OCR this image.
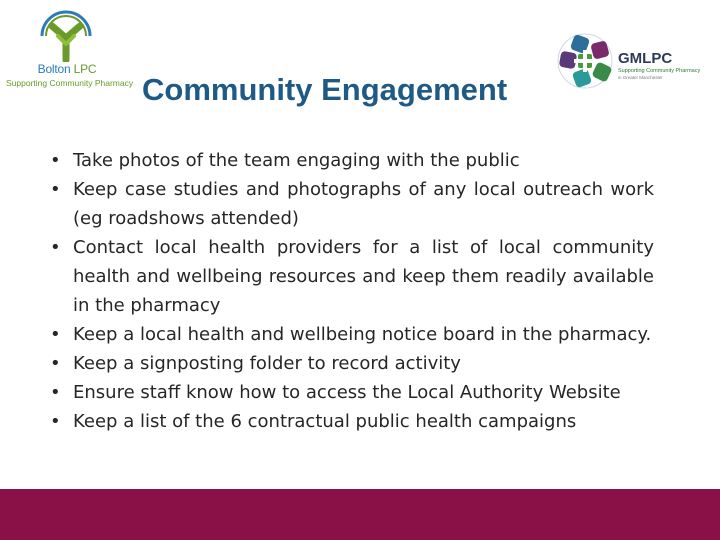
Bolton LPC
Supporting Community Pharmacy Community Engagement
GMLPC
Supporting Community Pharmacy
in Greater Manchester
• Take photos of the team engaging with the public
• Keep case studies and photographs of any local outreach work (eg roadshows attended)
• Contact local health providers for a list of local community health and wellbeing resources and keep them readily available in the pharmacy
• Keep a local health and wellbeing notice board in the pharmacy.
• Keep a signposting folder to record activity
• Ensure staff know how to access the Local Authority Website
• Keep a list of the 6 contractual public health campaigns
